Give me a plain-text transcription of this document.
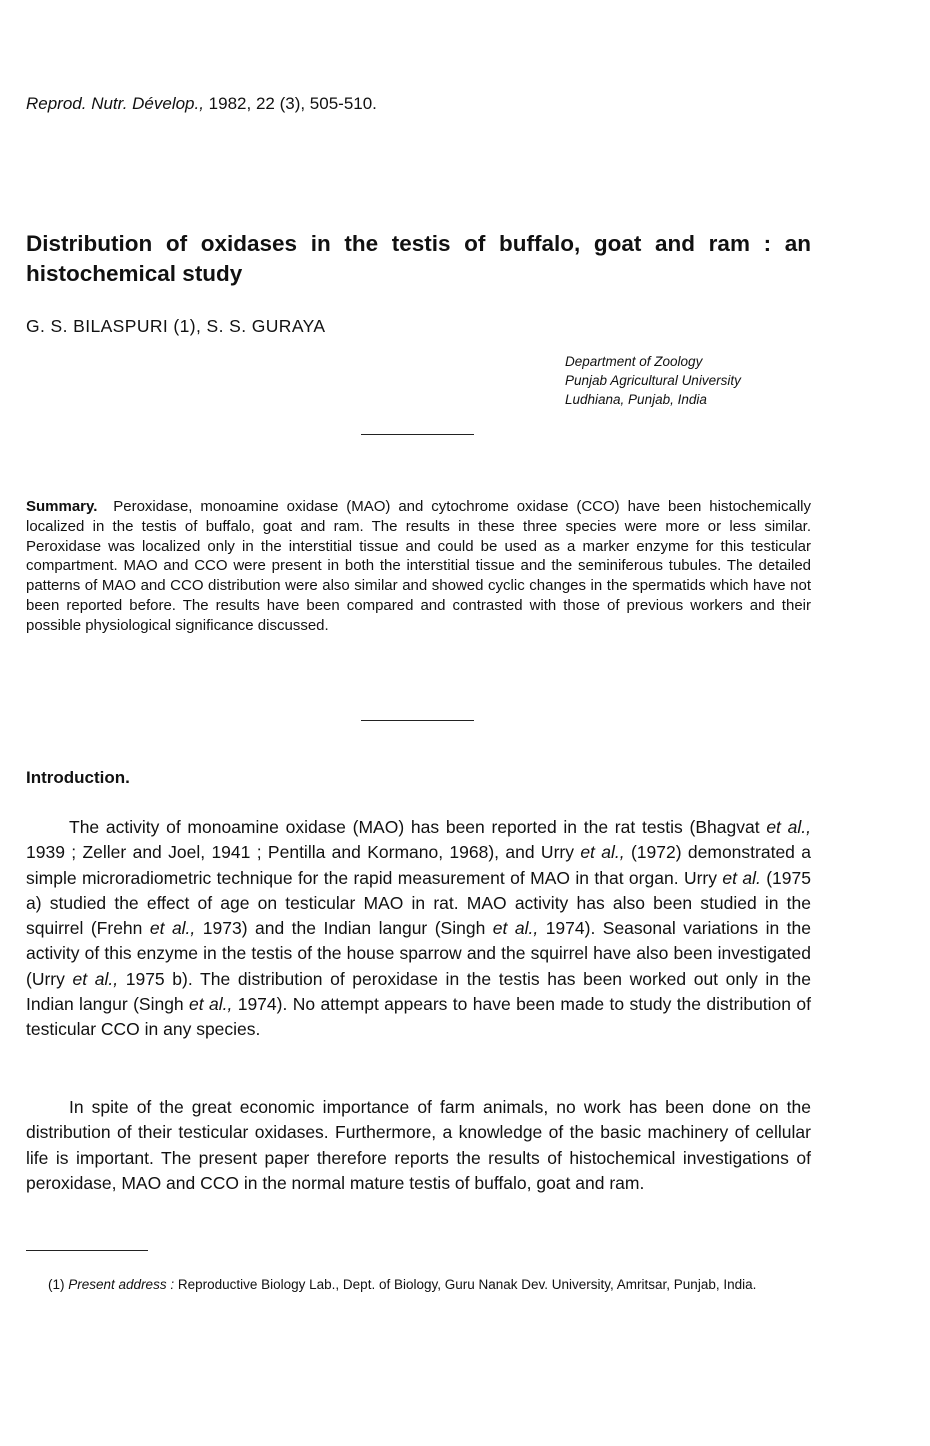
Reprod. Nutr. Dévelop., 1982, 22 (3), 505-510.
Distribution of oxidases in the testis of buffalo, goat and ram : an histochemical study
G. S. BILASPURI (1), S. S. GURAYA
Department of Zoology
Punjab Agricultural University
Ludhiana, Punjab, India

Summary. Peroxidase, monoamine oxidase (MAO) and cytochrome oxidase (CCO) have been histochemically localized in the testis of buffalo, goat and ram. The results in these three species were more or less similar. Peroxidase was localized only in the interstitial tissue and could be used as a marker enzyme for this testicular compartment. MAO and CCO were present in both the interstitial tissue and the seminiferous tubules. The detailed patterns of MAO and CCO distribution were also similar and showed cyclic changes in the spermatids which have not been reported before. The results have been compared and contrasted with those of previous workers and their possible physiological significance discussed.

Introduction.

The activity of monoamine oxidase (MAO) has been reported in the rat testis (Bhagvat et al., 1939 ; Zeller and Joel, 1941 ; Pentilla and Kormano, 1968), and Urry et al., (1972) demonstrated a simple microradiometric technique for the rapid measurement of MAO in that organ. Urry et al. (1975 a) studied the effect of age on testicular MAO in rat. MAO activity has also been studied in the squirrel (Frehn et al., 1973) and the Indian langur (Singh et al., 1974). Seasonal variations in the activity of this enzyme in the testis of the house sparrow and the squirrel have also been investigated (Urry et al., 1975 b). The distribution of peroxidase in the testis has been worked out only in the Indian langur (Singh et al., 1974). No attempt appears to have been made to study the distribution of testicular CCO in any species.

In spite of the great economic importance of farm animals, no work has been done on the distribution of their testicular oxidases. Furthermore, a knowledge of the basic machinery of cellular life is important. The present paper therefore reports the results of histochemical investigations of peroxidase, MAO and CCO in the normal mature testis of buffalo, goat and ram.

(1) Present address : Reproductive Biology Lab., Dept. of Biology, Guru Nanak Dev. University, Amritsar, Punjab, India.
